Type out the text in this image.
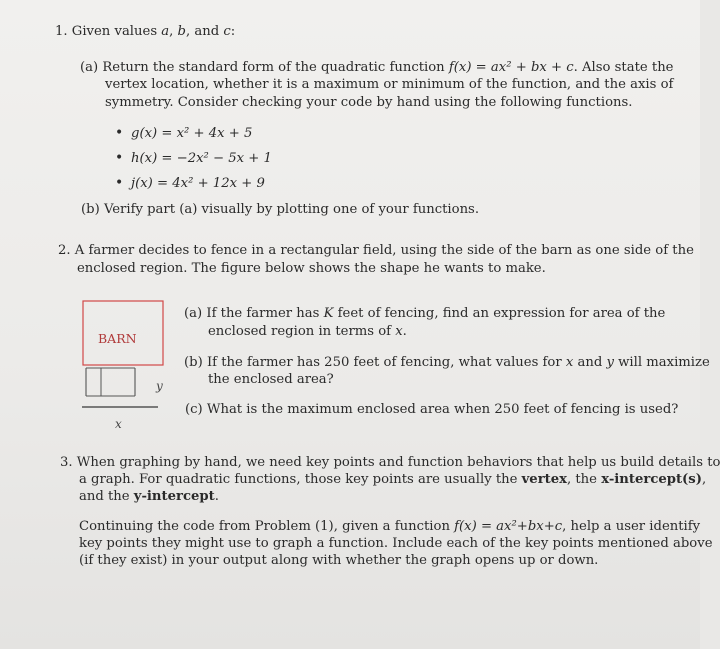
1. Given values a, b, and c:
(a) Return the standard form of the quadratic function f(x) = ax² + bx + c. Also state the
vertex location, whether it is a maximum or minimum of the function, and the axis of
symmetry. Consider checking your code by hand using the following functions.
• g(x) = x² + 4x + 5
• h(x) = −2x² − 5x + 1
• j(x) = 4x² + 12x + 9
(b) Verify part (a) visually by plotting one of your functions.
2. A farmer decides to fence in a rectangular field, using the side of the barn as one side of the
enclosed region. The figure below shows the shape he wants to make.
BARN
y
x
(a) If the farmer has K feet of fencing, find an expression for area of the
enclosed region in terms of x.
(b) If the farmer has 250 feet of fencing, what values for x and y will maximize
the enclosed area?
(c) What is the maximum enclosed area when 250 feet of fencing is used?
3. When graphing by hand, we need key points and function behaviors that help us build details to
a graph. For quadratic functions, those key points are usually the vertex, the x-intercept(s),
and the y-intercept.
Continuing the code from Problem (1), given a function f(x) = ax²+bx+c, help a user identify
key points they might use to graph a function. Include each of the key points mentioned above
(if they exist) in your output along with whether the graph opens up or down.
